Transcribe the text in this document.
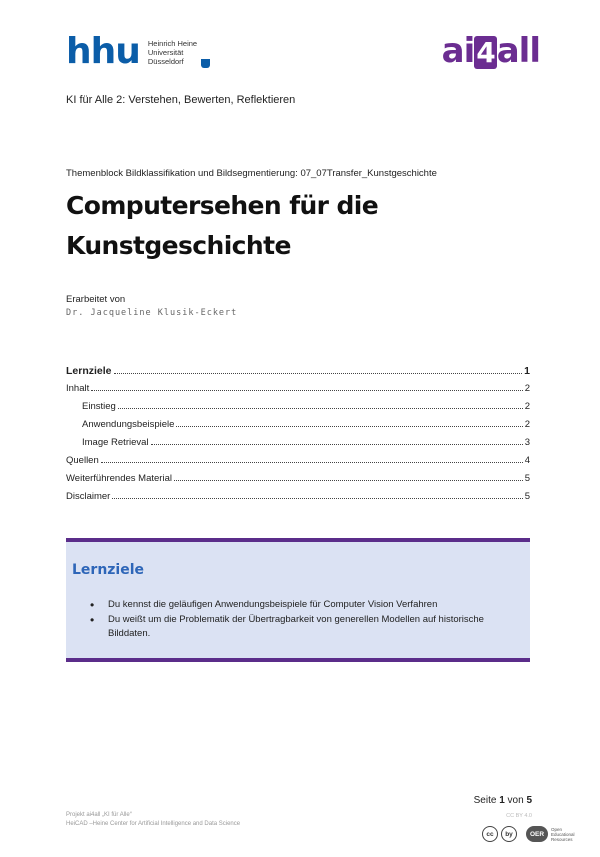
hhu Heinrich Heine
Universität
Düsseldorf	ai4all
KI für Alle 2: Verstehen, Bewerten, Reflektieren
Themenblock Bildklassifikation und Bildsegmentierung: 07_07Transfer_Kunstgeschichte
Computersehen für die
Kunstgeschichte
Erarbeitet von
Dr. Jacqueline Klusik-Eckert
Lernziele	1
Inhalt	2
Einstieg	2
Anwendungsbeispiele	2
Image Retrieval	3
Quellen	4
Weiterführendes Material	5
Disclaimer	5
Lernziele
• Du kennst die geläufigen Anwendungsbeispiele für Computer Vision Verfahren
• Du weißt um die Problematik der Übertragbarkeit von generellen Modellen auf historische Bilddaten.
Seite 1 von 5
Projekt ai4all „KI für Alle“
HeiCAD –Heine Center for Artificial Intelligence and Data Science
CC BY 4.0
cc	by	OER
Open
Educational
Resources
